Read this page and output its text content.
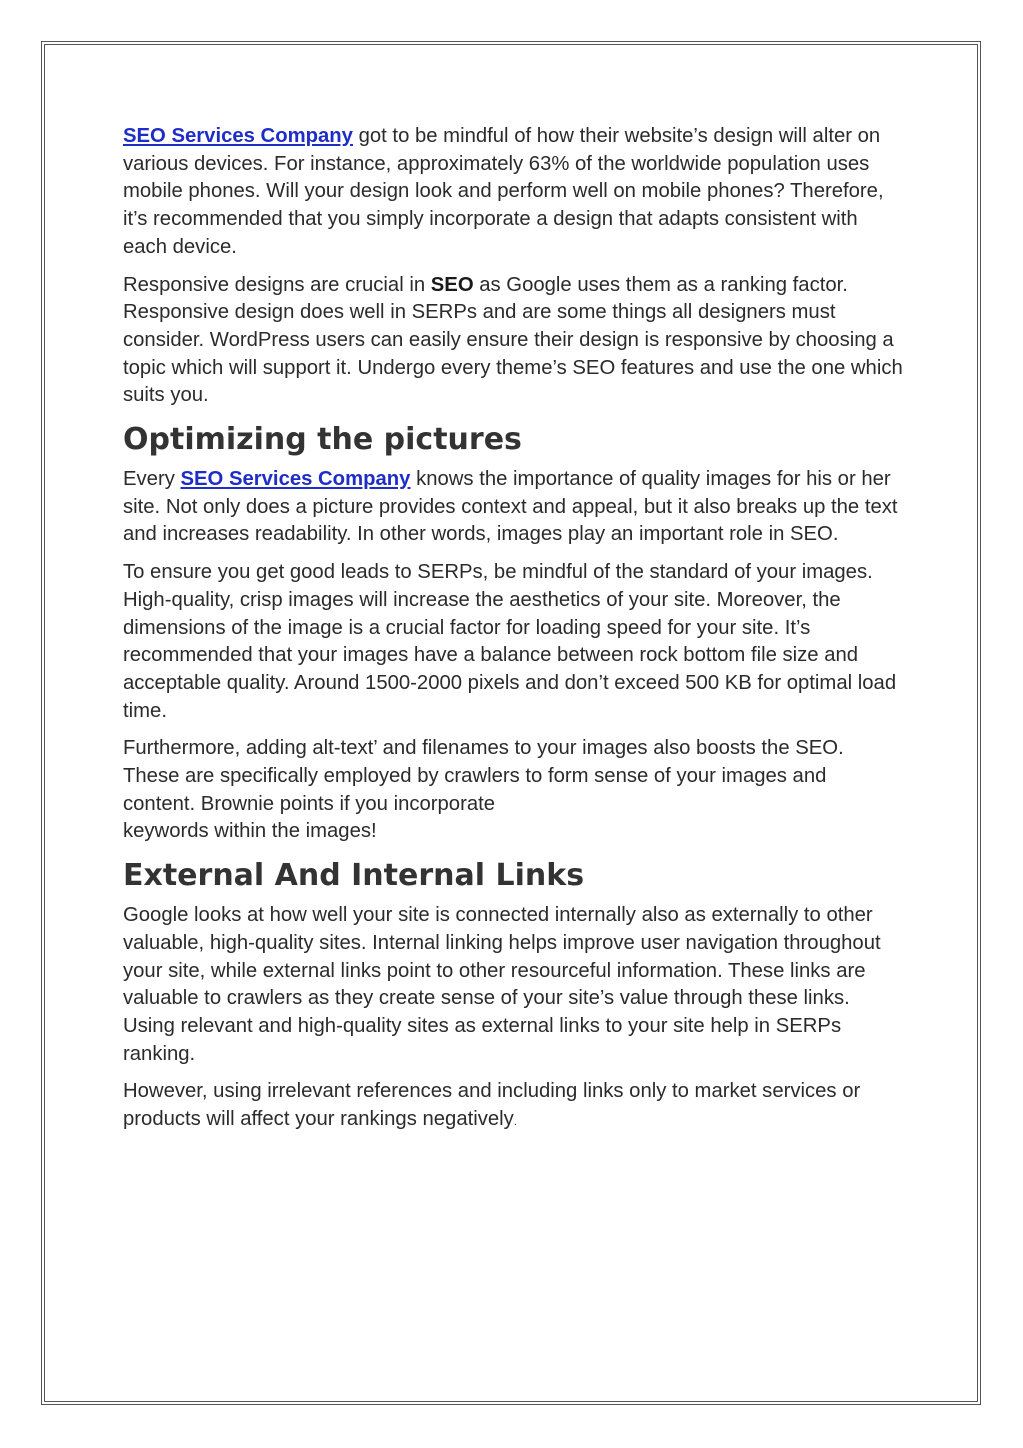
SEO Services Company got to be mindful of how their website’s design will alter on various devices. For instance, approximately 63% of the worldwide population uses mobile phones. Will your design look and perform well on mobile phones? Therefore, it’s recommended that you simply incorporate a design that adapts consistent with each device.

Responsive designs are crucial in SEO as Google uses them as a ranking factor. Responsive design does well in SERPs and are some things all designers must consider. WordPress users can easily ensure their design is responsive by choosing a topic which will support it. Undergo every theme’s SEO features and use the one which suits you.

Optimizing the pictures

Every SEO Services Company knows the importance of quality images for his or her site. Not only does a picture provides context and appeal, but it also breaks up the text and increases readability. In other words, images play an important role in SEO.

To ensure you get good leads to SERPs, be mindful of the standard of your images. High-quality, crisp images will increase the aesthetics of your site. Moreover, the dimensions of the image is a crucial factor for loading speed for your site. It’s recommended that your images have a balance between rock bottom file size and acceptable quality. Around 1500-2000 pixels and don’t exceed 500 KB for optimal load time.

Furthermore, adding alt-text’ and filenames to your images also boosts the SEO. These are specifically employed by crawlers to form sense of your images and content. Brownie points if you incorporate
keywords within the images!

External And Internal Links

Google looks at how well your site is connected internally also as externally to other valuable, high-quality sites. Internal linking helps improve user navigation throughout your site, while external links point to other resourceful information. These links are valuable to crawlers as they create sense of your site’s value through these links. Using relevant and high-quality sites as external links to your site help in SERPs ranking.

However, using irrelevant references and including links only to market services or products will affect your rankings negatively.
